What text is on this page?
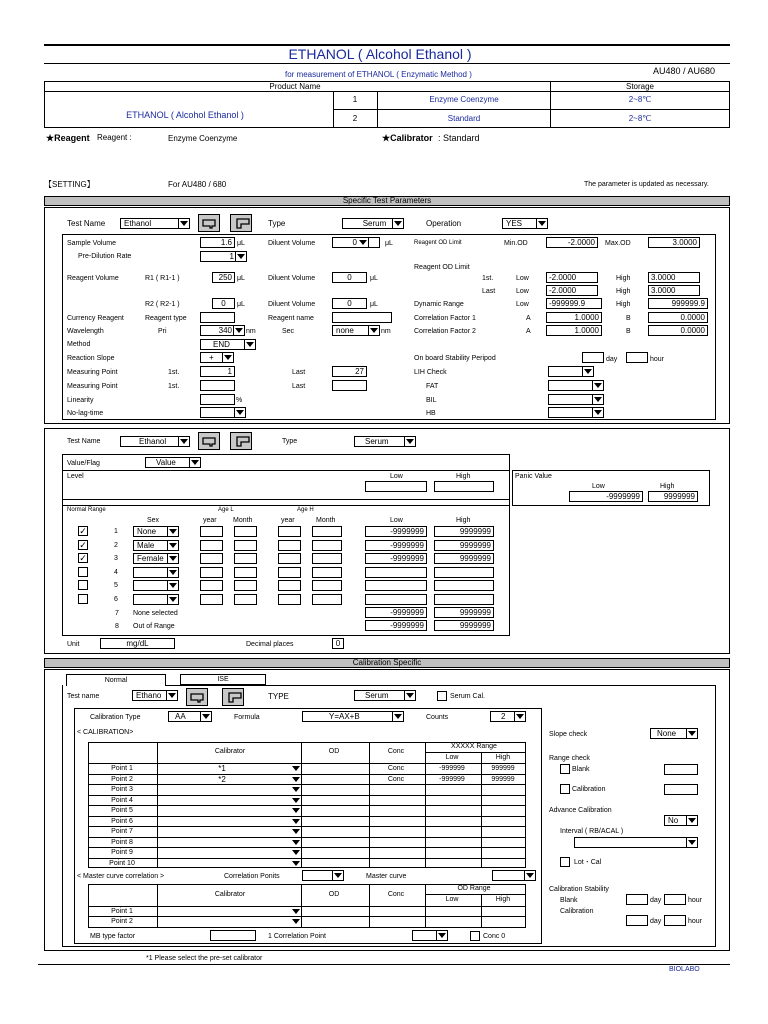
ETHANOL ( Alcohol Ethanol )
for measurement of ETHANOL ( Enzymatic Method )	AU480 / AU680
Product Name	Storage
ETHANOL ( Alcohol Ethanol )
1	Enzyme Coenzyme	2~8℃
2	Standard	2~8℃
★Reagent Reagent :	Enzyme Coenzyme	★Calibrator : Standard
【SETTING】	For AU480 / 680	The parameter is updated as necessary.
Specific Test Parameters
Test Name	Ethanol	Type	Serum	Operation	YES
Sample Volume	1.6 μL
Pre-Dilution Rate	1
Diluent Volume	0	μL	Reagent OD Limit	Min.OD	-2.0000	Max.OD	3.0000
Reagent OD Limit
Reagent Volume	R1 ( R1-1 )	250 μL	Diluent Volume	0	μL	1st.	Low	-2.0000	High	3.0000
Last	Low	-2.0000	High	3.0000
R2 ( R2-1 )	0	μL	Diluent Volume	0	μL	Dynamic Range	Low	-999999.9	High	999999.9
Currency Reagent	Reagent type	Reagent name	Correlation Factor 1	A	1.0000	B	0.0000
Wavelength	Pri	340	nm	Sec	none	nm	Correlation Factor 2	A	1.0000	B	0.0000
Method	END
Reaction Slope	+	On board Stability Peripod	day	hour
Measuring Point	1st.	1	Last	27	LIH Check
Measuring Point	1st.	Last	FAT
Linearity	%	BIL
No-lag-time	HB
Test Name	Ethanol	Type	Serum
Value/Flag	Value
Level	Low	High	Panic Value
Low	High
-9999999	9999999
Normal Range	Age L	Age H
Sex	year Month	year	Month	Low	High
✓	1	None	-9999999	9999999
✓	2	Male	-9999999	9999999
✓	3	Female	-9999999	9999999
4
5
6
7 None selected	-9999999	9999999
8 Out of Range	-9999999	9999999
Unit	mg/dL	Decimal places	0
Calibration Specific
Normal	ISE
Test name	Ethano	TYPE	Serum	Serum Cal.
Calibration Type	AA	Formula	Y=AX+B	Counts	2
< CALIBRATION>
Calibrator	OD	Conc
XXXXX Range
Low	High
Point 1	*1	Conc	-999999	999999
Point 2	*2	Conc	-999999	999999
Point 3
Point 4
Point 5
Point 6
Point 7
Point 8
Point 9
Point 10
< Master curve correlation >	Correlation Ponits	Master curve
Calibrator	OD	Conc
OD Range
Low	High
Point 1
Point 2
MB type factor	1 Correlation Point	Conc 0
Slope check	None
Range check
Blank
Calibration
Advance Calibration
No
Interval ( RB/ACAL )
Lot・Cal
Calibration Stability
Blank	day	hour
Calibration
day	hour
*1 Please select the pre-set calibrator
BIOLABO
